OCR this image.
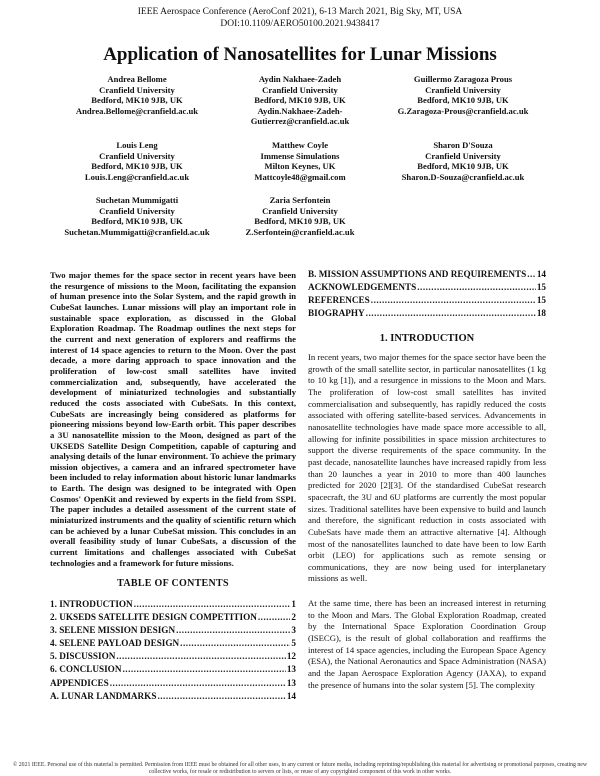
IEEE Aerospace Conference (AeroConf 2021), 6-13 March 2021, Big Sky, MT, USA
DOI:10.1109/AERO50100.2021.9438417
Application of Nanosatellites for Lunar Missions
Andrea Bellome
Cranfield University
Bedford, MK10 9JB, UK
Andrea.Bellome@cranfield.ac.uk
Aydin Nakhaee-Zadeh
Cranfield University
Bedford, MK10 9JB, UK
Aydin.Nakhaee-Zadeh-
Gutierrez@cranfield.ac.uk
Guillermo Zaragoza Prous
Cranfield University
Bedford, MK10 9JB, UK
G.Zaragoza-Prous@cranfield.ac.uk
Louis Leng
Cranfield University
Bedford, MK10 9JB, UK
Louis.Leng@cranfield.ac.uk
Matthew Coyle
Immense Simulations
Milton Keynes, UK
Mattcoyle48@gmail.com
Sharon D'Souza
Cranfield University
Bedford, MK10 9JB, UK
Sharon.D-Souza@cranfield.ac.uk
Suchetan Mummigatti
Cranfield University
Bedford, MK10 9JB, UK
Suchetan.Mummigatti@cranfield.ac.uk
Zaria Serfontein
Cranfield University
Bedford, MK10 9JB, UK
Z.Serfontein@cranfield.ac.uk
Two major themes for the space sector in recent years have been the resurgence of missions to the Moon, facilitating the expansion of human presence into the Solar System, and the rapid growth in CubeSat launches. Lunar missions will play an important role in sustainable space exploration, as discussed in the Global Exploration Roadmap. The Roadmap outlines the next steps for the current and next generation of explorers and reaffirms the interest of 14 space agencies to return to the Moon. Over the past decade, a more daring approach to space innovation and the proliferation of low-cost small satellites have invited commercialization and, subsequently, have accelerated the development of miniaturized technologies and substantially reduced the costs associated with CubeSats. In this context, CubeSats are increasingly being considered as platforms for pioneering missions beyond low-Earth orbit. This paper describes a 3U nanosatellite mission to the Moon, designed as part of the UKSEDS Satellite Design Competition, capable of capturing and analysing details of the lunar environment. To achieve the primary mission objectives, a camera and an infrared spectrometer have been included to relay information about historic lunar landmarks to Earth. The design was designed to be integrated with Open Cosmos' OpenKit and reviewed by experts in the field from SSPI. The paper includes a detailed assessment of the current state of miniaturized instruments and the quality of scientific return which can be achieved by a lunar CubeSat mission. This concludes in an overall feasibility study of lunar CubeSats, a discussion of the current limitations and challenges associated with CubeSat technologies and a framework for future missions.
TABLE OF CONTENTS
1. INTRODUCTION .....	1
2. UKSEDS SATELLITE DESIGN COMPETITION .....	2
3. SELENE MISSION DESIGN .....	3
4. SELENE PAYLOAD DESIGN .....	5
5. DISCUSSION .....	12
6. CONCLUSION .....	13
APPENDICES .....	13
A. LUNAR LANDMARKS .....	14
B. MISSION ASSUMPTIONS AND REQUIREMENTS ..... 14
ACKNOWLEDGEMENTS .....	15
REFERENCES .....	15
BIOGRAPHY .....	18
1. INTRODUCTION
In recent years, two major themes for the space sector have been the growth of the small satellite sector, in particular nanosatellites (1 kg to 10 kg [1]), and a resurgence in missions to the Moon and Mars. The proliferation of low-cost small satellites has invited commercialisation and subsequently, has rapidly reduced the costs associated with offering satellite-based services. Advancements in nanosatellite technologies have made space more accessible to all, allowing for infinite possibilities in space mission architectures to support the diverse requirements of the space community. In the past decade, nanosatellite launches have increased rapidly from less than 20 launches a year in 2010 to more than 400 launches predicted for 2020 [2][3]. Of the standardised CubeSat research spacecraft, the 3U and 6U platforms are currently the most popular sizes. Traditional satellites have been expensive to build and launch and therefore, the significant reduction in costs associated with CubeSats have made them an attractive alternative [4]. Although most of the nanosatellites launched to date have been to low Earth orbit (LEO) for applications such as remote sensing or communications, they are now being used for interplanetary missions as well.
At the same time, there has been an increased interest in returning to the Moon and Mars. The Global Exploration Roadmap, created by the International Space Exploration Coordination Group (ISECG), is the result of global collaboration and reaffirms the interest of 14 space agencies, including the European Space Agency (ESA), the National Aeronautics and Space Administration (NASA) and the Japan Aerospace Exploration Agency (JAXA), to expand the presence of humans into the solar system [5]. The complexity
© 2021 IEEE. Personal use of this material is permitted. Permission from IEEE must be obtained for all other uses, in any current or future media, including reprinting/republishing this material for advertising or promotional purposes, creating new collective works, for resale or redistribution to servers or lists, or reuse of any copyrighted component of this work in other works.
